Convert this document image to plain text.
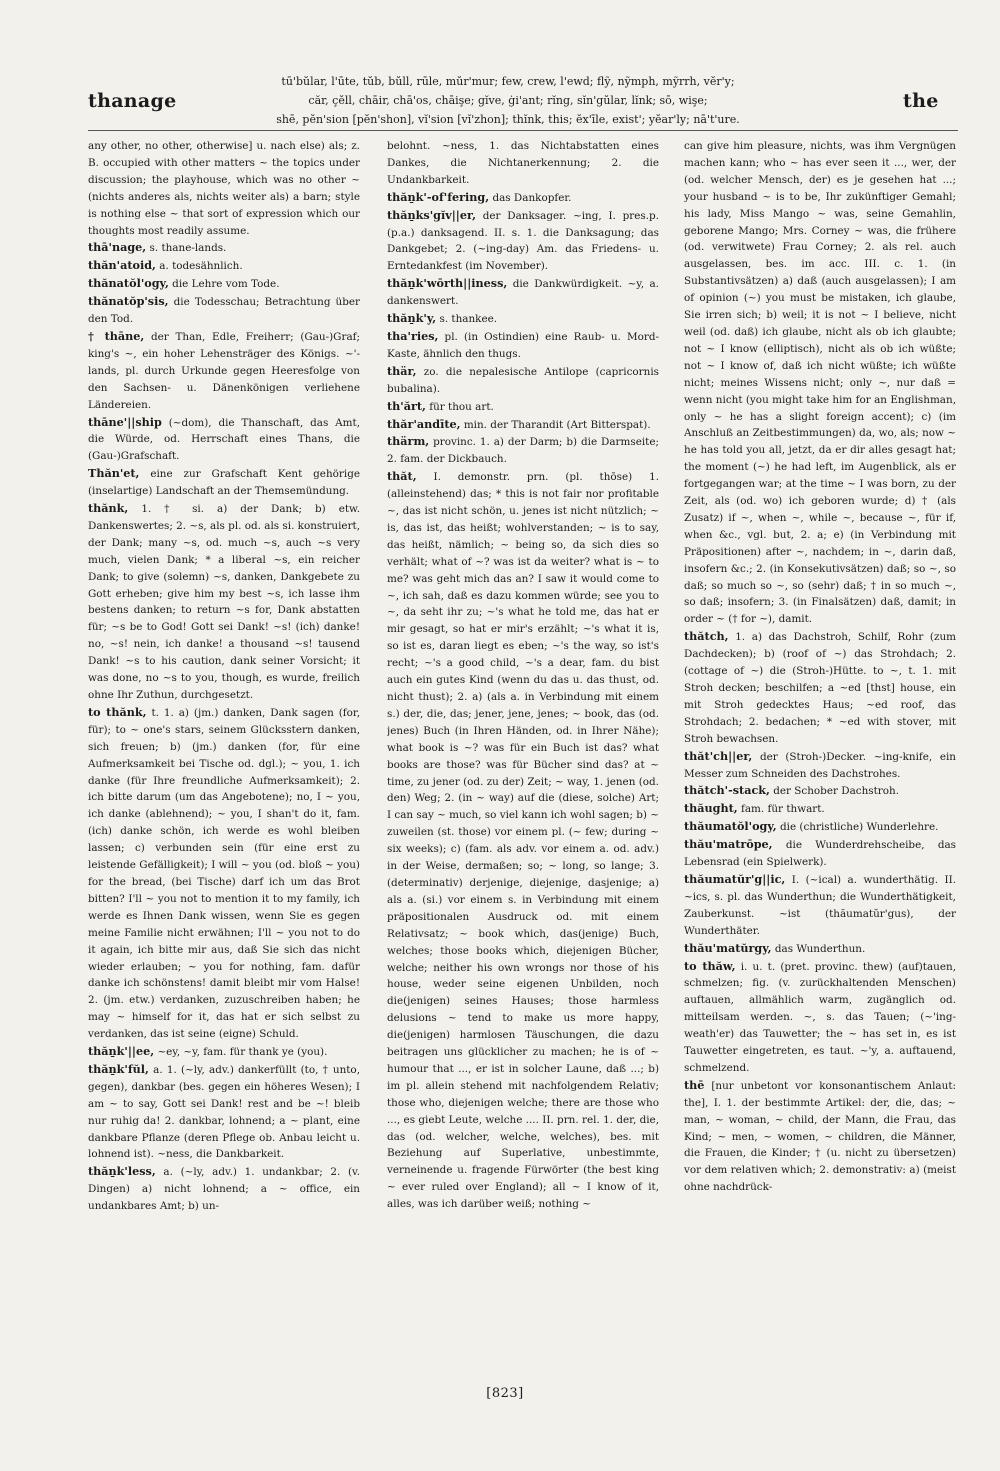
thanage
tū'bŭlar, l'ūte, tŭb, bŭll, rūle, mŭr'mur; few, crew, l'ewd; flỹ, nỹmph, mỹrrh, vĕr'y;
căr, çĕll, chāir, chā'os, chāişe; gĭve, ġi'ant; rĭng, sĭn'gŭlar, lĭnk; sō, wişe;
shē, pĕn'sion [pĕn'shon], vĭ'sion [vĭ'zhon]; thĭnk, this; ĕx'īle, exist'; yĕar'ly; nā't'ure.
the

any other, no other, otherwise] u. nach else) als; z. B. occupied with other matters ~ the topics under discussion; the playhouse, which was no other ~ (nichts anderes als, nichts weiter als) a barn; style is nothing else ~ that sort of expression which our thoughts most readily assume.

thā'nage, s. thane-lands.

thăn'atoid, a. todesähnlich.

thănatŏl'ogy, die Lehre vom Tode.

thănatŏp'sis, die Todesschau; Betrachtung über den Tod.

† thāne, der Than, Edle, Freiherr; (Gau-)Graf; king's ~, ein hoher Lehensträger des Königs. ~'-lands, pl. durch Urkunde gegen Heeresfolge von den Sachsen- u. Dänenkönigen verliehene Ländereien.

thāne'||ship (~dom), die Thanschaft, das Amt, die Würde, od. Herrschaft eines Thans, die (Gau-)Grafschaft.

Thăn'et, eine zur Grafschaft Kent gehörige (inselartige) Landschaft an der Themsemündung.

thănk, 1. † si. a) der Dank; b) etw. Dankenswertes; 2. ~s, als pl. od. als si. konstruiert, der Dank; many ~s, od. much ~s, auch ~s very much, vielen Dank; * a liberal ~s, ein reicher Dank; to give (solemn) ~s, danken, Dankgebete zu Gott erheben; give him my best ~s, ich lasse ihm bestens danken; to return ~s for, Dank abstatten für; ~s be to God! Gott sei Dank! ~s! (ich) danke! no, ~s! nein, ich danke! a thousand ~s! tausend Dank! ~s to his caution, dank seiner Vorsicht; it was done, no ~s to you, though, es wurde, freilich ohne Ihr Zuthun, durchgesetzt.

to thănk, t. 1. a) (jm.) danken, Dank sagen (for, für); to ~ one's stars, seinem Glücksstern danken, sich freuen; b) (jm.) danken (for, für eine Aufmerksamkeit bei Tische od. dgl.); ~ you, 1. ich danke (für Ihre freundliche Aufmerksamkeit); 2. ich bitte darum (um das Angebotene); no, I ~ you, ich danke (ablehnend); ~ you, I shan't do it, fam. (ich) danke schön, ich werde es wohl bleiben lassen; c) verbunden sein (für eine erst zu leistende Gefälligkeit); I will ~ you (od. bloß ~ you) for the bread, (bei Tische) darf ich um das Brot bitten? I'll ~ you not to mention it to my family, ich werde es Ihnen Dank wissen, wenn Sie es gegen meine Familie nicht erwähnen; I'll ~ you not to do it again, ich bitte mir aus, daß Sie sich das nicht wieder erlauben; ~ you for nothing, fam. dafür danke ich schönstens! damit bleibt mir vom Halse! 2. (jm. etw.) verdanken, zuzuschreiben haben; he may ~ himself for it, das hat er sich selbst zu verdanken, das ist seine (eigne) Schuld.

thăṉk'||ee, ~ey, ~y, fam. für thank ye (you).

thăṉk'fŭl, a. 1. (~ly, adv.) dankerfüllt (to, † unto, gegen), dankbar (bes. gegen ein höheres Wesen); I am ~ to say, Gott sei Dank! rest and be ~! bleib nur ruhig da! 2. dankbar, lohnend; a ~ plant, eine dankbare Pflanze (deren Pflege ob. Anbau leicht u. lohnend ist). ~ness, die Dankbarkeit.

thăṉk'less, a. (~ly, adv.) 1. undankbar; 2. (v. Dingen) a) nicht lohnend; a ~ office, ein undankbares Amt; b) un-

belohnt. ~ness, 1. das Nichtabstatten eines Dankes, die Nichtanerkennung; 2. die Undankbarkeit.

thăṉk'-of'fering, das Dankopfer.

thăṉks'gĭv||er, der Danksager. ~ing, I. pres.p. (p.a.) danksagend. II. s. 1. die Danksagung; das Dankgebet; 2. (~ing-day) Am. das Friedens- u. Erntedankfest (im November).

thăṉk'wōrth||iness, die Dankwürdigkeit. ~y, a. dankenswert.

thăṉk'y, s. thankee.

tha'ries, pl. (in Ostindien) eine Raub- u. Mord-Kaste, ähnlich den thugs.

thär, zo. die nepalesische Antilope (capricornis bubalina).

th'ărt, für thou art.

thăr'andīte, min. der Tharandit (Art Bitterspat).

thärm, provinc. 1. a) der Darm; b) die Darmseite; 2. fam. der Dickbauch.

thăt, I. demonstr. prn. (pl. thōse) 1. (alleinstehend) das; * this is not fair nor profitable ~, das ist nicht schön, u. jenes ist nicht nützlich; ~ is, das ist, das heißt; wohlverstanden; ~ is to say, das heißt, nämlich; ~ being so, da sich dies so verhält; what of ~? was ist da weiter? what is ~ to me? was geht mich das an? I saw it would come to ~, ich sah, daß es dazu kommen würde; see you to ~, da seht ihr zu; ~'s what he told me, das hat er mir gesagt, so hat er mir's erzählt; ~'s what it is, so ist es, daran liegt es eben; ~'s the way, so ist's recht; ~'s a good child, ~'s a dear, fam. du bist auch ein gutes Kind (wenn du das u. das thust, od. nicht thust); 2. a) (als a. in Verbindung mit einem s.) der, die, das; jener, jene, jenes; ~ book, das (od. jenes) Buch (in Ihren Händen, od. in Ihrer Nähe); what book is ~? was für ein Buch ist das? what books are those? was für Bücher sind das? at ~ time, zu jener (od. zu der) Zeit; ~ way, 1. jenen (od. den) Weg; 2. (in ~ way) auf die (diese, solche) Art; I can say ~ much, so viel kann ich wohl sagen; b) ~ zuweilen (st. those) vor einem pl. (~ few; during ~ six weeks); c) (fam. als adv. vor einem a. od. adv.) in der Weise, dermaßen; so; ~ long, so lange; 3. (determinativ) derjenige, diejenige, dasjenige; a) als a. (si.) vor einem s. in Verbindung mit einem präpositionalen Ausdruck od. mit einem Relativsatz; ~ book which, das(jenige) Buch, welches; those books which, diejenigen Bücher, welche; neither his own wrongs nor those of his house, weder seine eigenen Unbilden, noch die(jenigen) seines Hauses; those harmless delusions ~ tend to make us more happy, die(jenigen) harmlosen Täuschungen, die dazu beitragen uns glücklicher zu machen; he is of ~ humour that ..., er ist in solcher Laune, daß ...; b) im pl. allein stehend mit nachfolgendem Relativ; those who, diejenigen welche; there are those who ..., es giebt Leute, welche .... II. prn. rel. 1. der, die, das (od. welcher, welche, welches), bes. mit Beziehung auf Superlative, unbestimmte, verneinende u. fragende Fürwörter (the best king ~ ever ruled over England); all ~ I know of it, alles, was ich darüber weiß; nothing ~

can give him pleasure, nichts, was ihm Vergnügen machen kann; who ~ has ever seen it ..., wer, der (od. welcher Mensch, der) es je gesehen hat ...; your husband ~ is to be, Ihr zukünftiger Gemahl; his lady, Miss Mango ~ was, seine Gemahlin, geborene Mango; Mrs. Corney ~ was, die frühere (od. verwitwete) Frau Corney; 2. als rel. auch ausgelassen, bes. im acc. III. c. 1. (in Substantivsätzen) a) daß (auch ausgelassen); I am of opinion (~) you must be mistaken, ich glaube, Sie irren sich; b) weil; it is not ~ I believe, nicht weil (od. daß) ich glaube, nicht als ob ich glaubte; not ~ I know (elliptisch), nicht als ob ich wüßte; not ~ I know of, daß ich nicht wüßte; ich wüßte nicht; meines Wissens nicht; only ~, nur daß = wenn nicht (you might take him for an Englishman, only ~ he has a slight foreign accent); c) (im Anschluß an Zeitbestimmungen) da, wo, als; now ~ he has told you all, jetzt, da er dir alles gesagt hat; the moment (~) he had left, im Augenblick, als er fortgegangen war; at the time ~ I was born, zu der Zeit, als (od. wo) ich geboren wurde; d) † (als Zusatz) if ~, when ~, while ~, because ~, für if, when &c., vgl. but, 2. a; e) (in Verbindung mit Präpositionen) after ~, nachdem; in ~, darin daß, insofern &c.; 2. (in Konsekutivsätzen) daß; so ~, so daß; so much so ~, so (sehr) daß; † in so much ~, so daß; insofern; 3. (in Finalsätzen) daß, damit; in order ~ († for ~), damit.

thătch, 1. a) das Dachstroh, Schilf, Rohr (zum Dachdecken); b) (roof of ~) das Strohdach; 2. (cottage of ~) die (Stroh-)Hütte. to ~, t. 1. mit Stroh decken; beschilfen; a ~ed [thst] house, ein mit Stroh gedecktes Haus; ~ed roof, das Strohdach; 2. bedachen; * ~ed with stover, mit Stroh bewachsen.

thăt'ch||er, der (Stroh-)Decker. ~ing-knife, ein Messer zum Schneiden des Dachstrohes.

thătch'-stack, der Schober Dachstroh.

thăught, fam. für thwart.

thăumatŏl'ogy, die (christliche) Wunderlehre.

thău'matrōpe, die Wunderdrehscheibe, das Lebensrad (ein Spielwerk).

thăumatŭr'g||ic, I. (~ical) a. wunderthätig. II. ~ics, s. pl. das Wunderthun; die Wunderthätigkeit, Zauberkunst. ~ist (thăumatŭr'gus), der Wunderthäter.

thău'matŭrgy, das Wunderthun.

to thăw, i. u. t. (pret. provinc. thew) (auf)tauen, schmelzen; fig. (v. zurückhaltenden Menschen) auftauen, allmählich warm, zugänglich od. mitteilsam werden. ~, s. das Tauen; (~'ing-weath'er) das Tauwetter; the ~ has set in, es ist Tauwetter eingetreten, es taut. ~'y, a. auftauend, schmelzend.

thē [nur unbetont vor konsonantischem Anlaut: the], I. 1. der bestimmte Artikel: der, die, das; ~ man, ~ woman, ~ child, der Mann, die Frau, das Kind; ~ men, ~ women, ~ children, die Männer, die Frauen, die Kinder; † (u. nicht zu übersetzen) vor dem relativen which; 2. demonstrativ: a) (meist ohne nachdrück-

[823]
